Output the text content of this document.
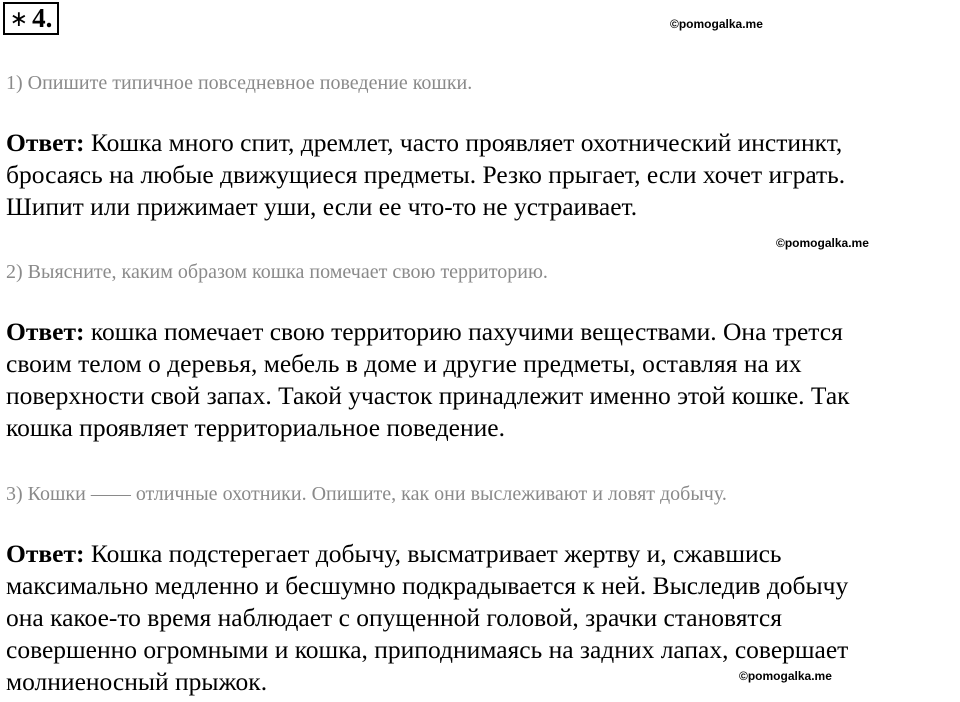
∗ 4.	©pomogalka.me
©pomogalka.me
©pomogalka.me
1) Опишите типичное повседневное поведение кошки.
Ответ: Кошка много спит, дремлет, часто проявляет охотнический инстинкт,
бросаясь на любые движущиеся предметы. Резко прыгает, если хочет играть.
Шипит или прижимает уши, если ее что-то не устраивает.
2) Выясните, каким образом кошка помечает свою территорию.
Ответ: кошка помечает свою территорию пахучими веществами. Она трется
своим телом о деревья, мебель в доме и другие предметы, оставляя на их
поверхности свой запах. Такой участок принадлежит именно этой кошке. Так
кошка проявляет территориальное поведение.
3) Кошки —— отличные охотники. Опишите, как они выслеживают и ловят добычу.
Ответ: Кошка подстерегает добычу, высматривает жертву и, сжавшись
максимально медленно и бесшумно подкрадывается к ней. Выследив добычу
она какое-то время наблюдает с опущенной головой, зрачки становятся
совершенно огромными и кошка, приподнимаясь на задних лапах, совершает
молниеносный прыжок.
